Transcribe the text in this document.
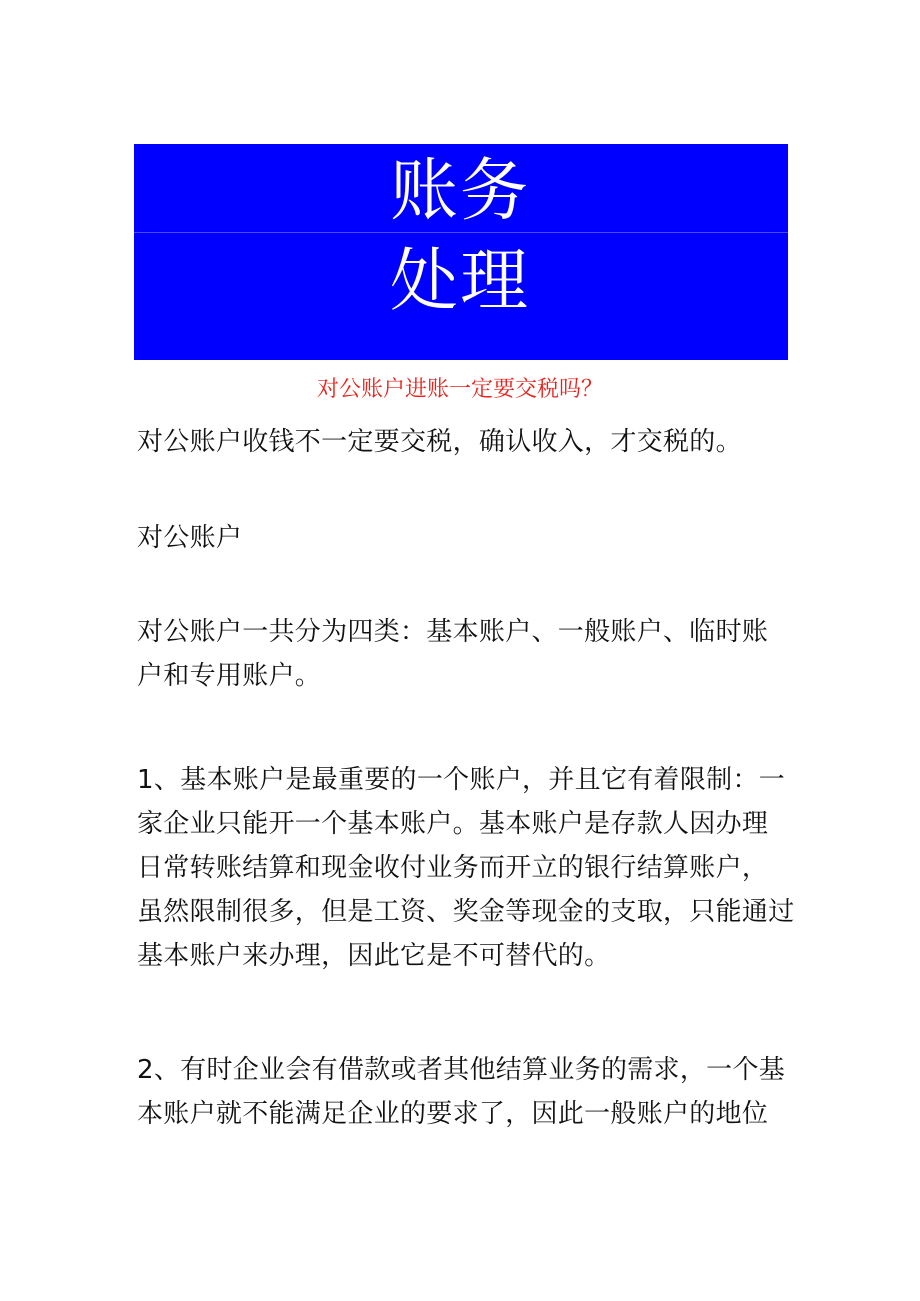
账务
处理
对公账户进账一定要交税吗？

对公账户收钱不一定要交税，确认收入，才交税的。

对公账户

对公账户一共分为四类：基本账户、一般账户、临时账
户和专用账户。

1、基本账户是最重要的一个账户，并且它有着限制：一
家企业只能开一个基本账户。基本账户是存款人因办理
日常转账结算和现金收付业务而开立的银行结算账户，
虽然限制很多，但是工资、奖金等现金的支取，只能通过
基本账户来办理，因此它是不可替代的。

2、有时企业会有借款或者其他结算业务的需求，一个基
本账户就不能满足企业的要求了，因此一般账户的地位
